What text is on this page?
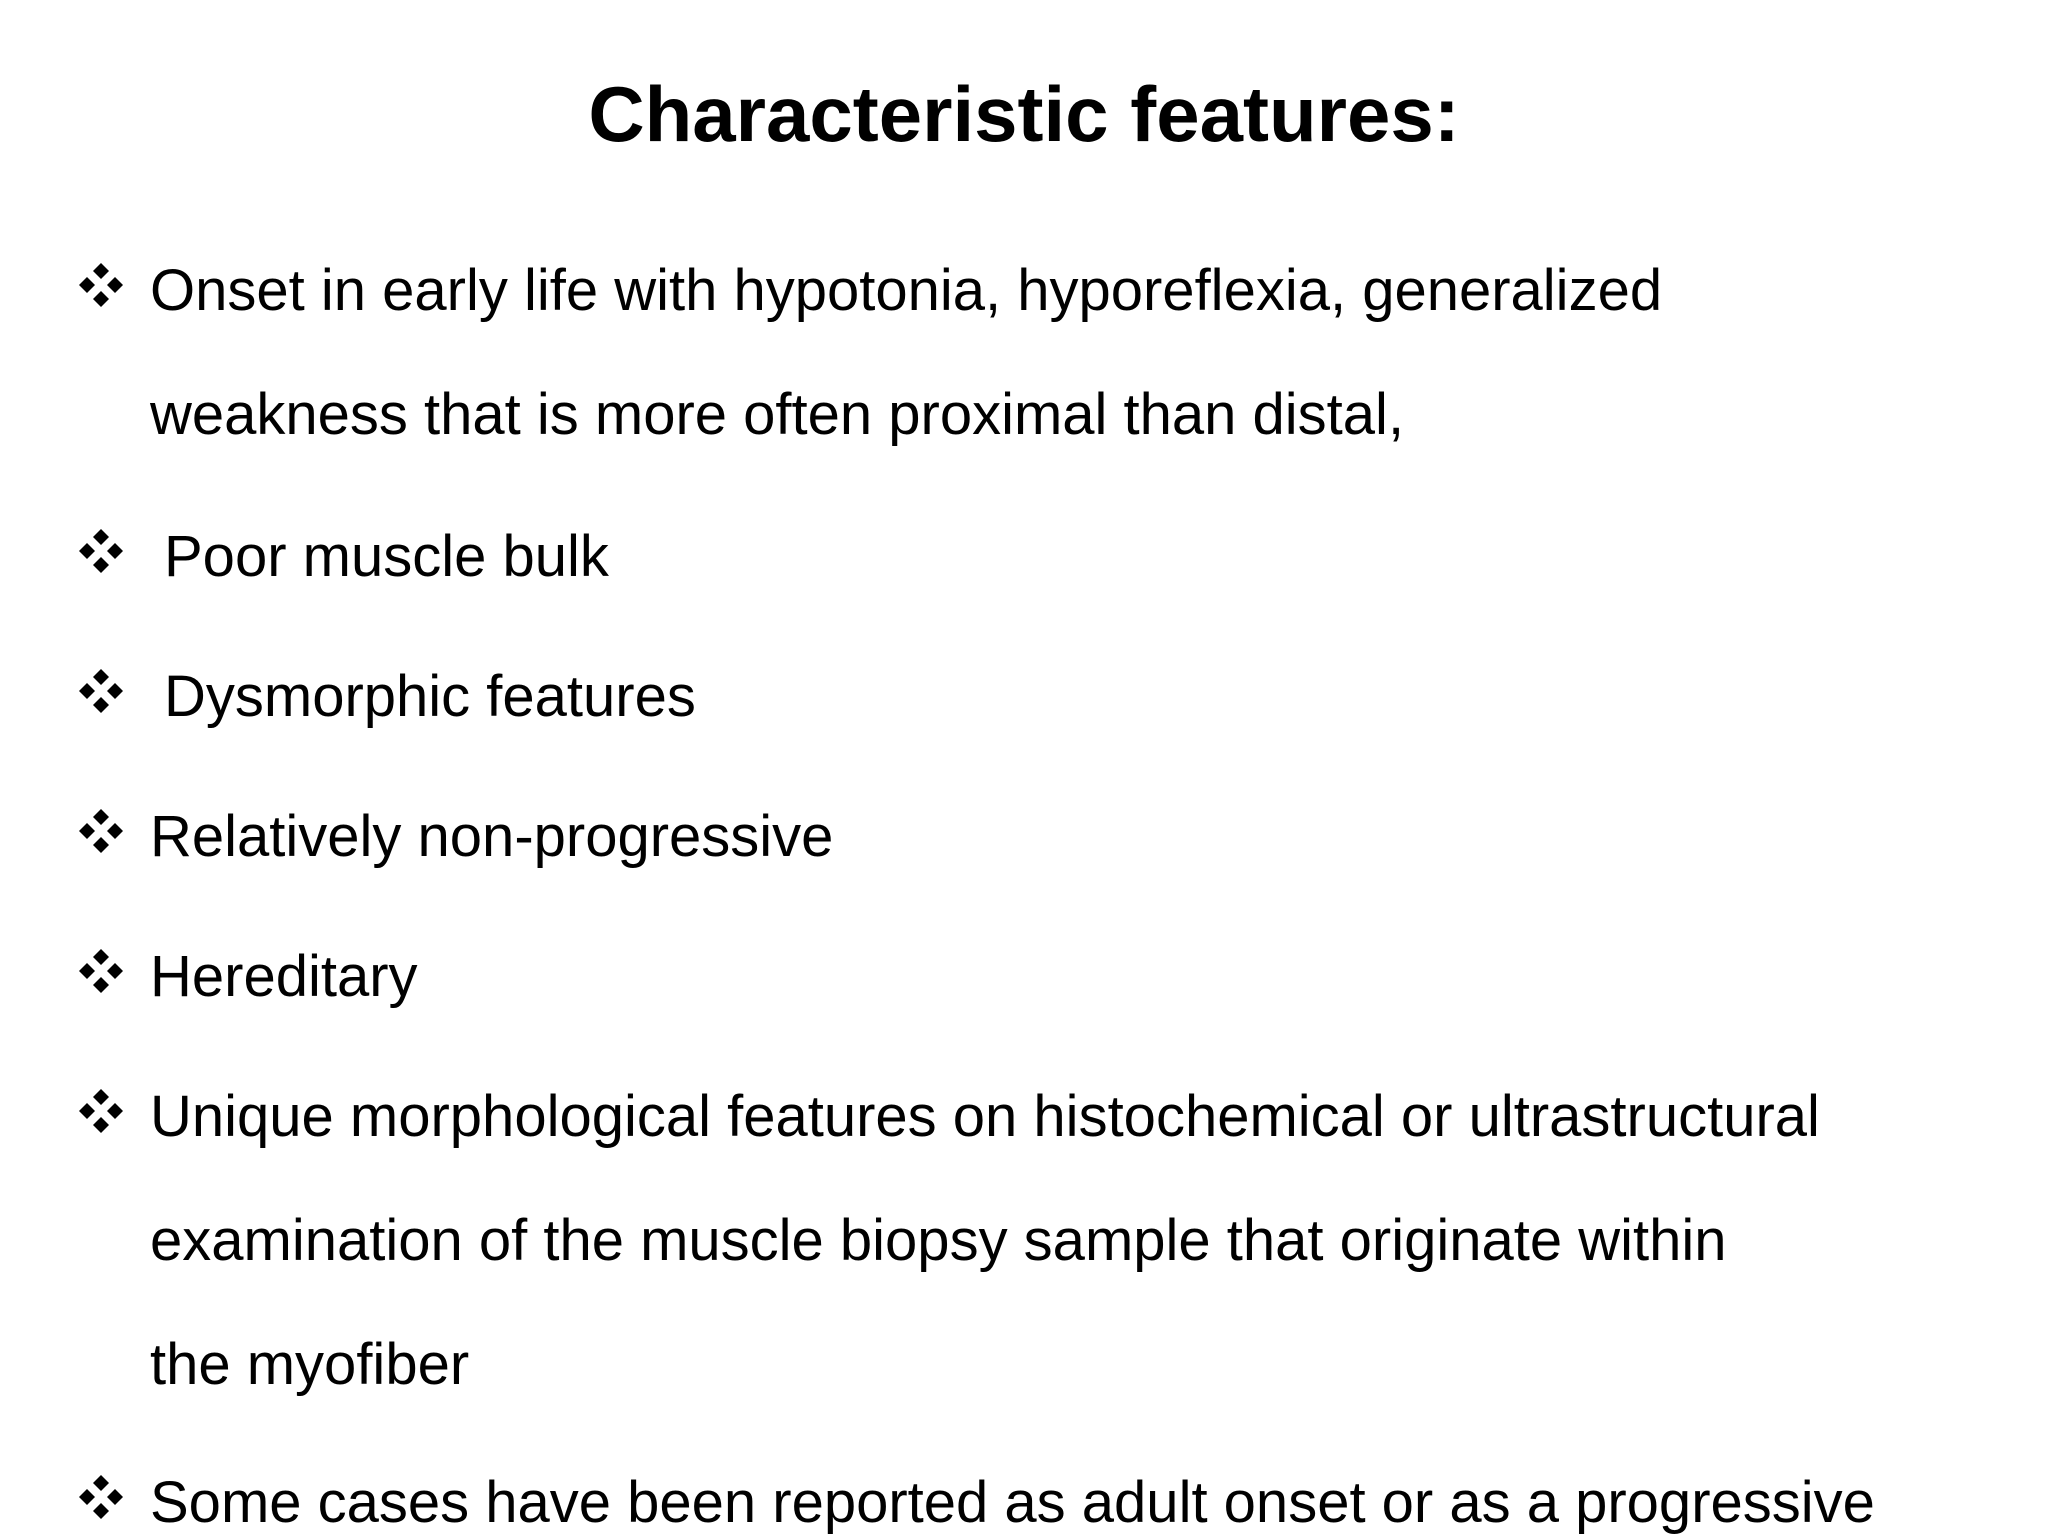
Characteristic features:
Onset in early life with hypotonia, hyporeflexia, generalized
weakness that is more often proximal than distal,
Poor muscle bulk
Dysmorphic features
Relatively non-progressive
Hereditary
Unique morphological features on histochemical or ultrastructural
examination of the muscle biopsy sample that originate within
the myofiber
Some cases have been reported as adult onset or as a progressive
